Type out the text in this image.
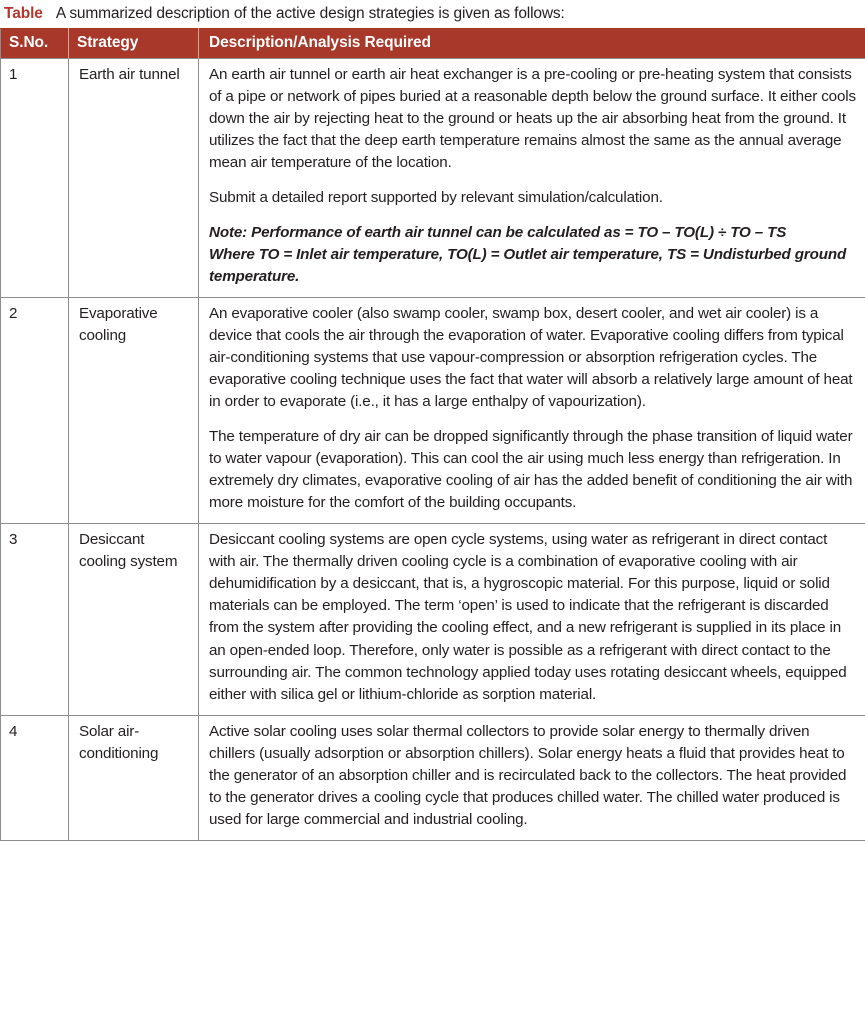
Table A summarized description of the active design strategies is given as follows:
S.No.	Strategy	Description/Analysis Required
1	Earth air tunnel	An earth air tunnel or earth air heat exchanger is a pre-cooling or pre-heating system that consists of a pipe or network of pipes buried at a reasonable depth below the ground surface. It either cools down the air by rejecting heat to the ground or heats up the air absorbing heat from the ground. It utilizes the fact that the deep earth temperature remains almost the same as the annual average mean air temperature of the location.

Submit a detailed report supported by relevant simulation/calculation.

Note: Performance of earth air tunnel can be calculated as = TO – TO(L) ÷ TO – TS

Where TO = Inlet air temperature, TO(L) = Outlet air temperature, TS = Undisturbed ground temperature.

2	Evaporative cooling	An evaporative cooler (also swamp cooler, swamp box, desert cooler, and wet air cooler) is a device that cools the air through the evaporation of water. Evaporative cooling differs from typical air-conditioning systems that use vapour-compression or absorption refrigeration cycles. The evaporative cooling technique uses the fact that water will absorb a relatively large amount of heat in order to evaporate (i.e., it has a large enthalpy of vapourization).

The temperature of dry air can be dropped significantly through the phase transition of liquid water to water vapour (evaporation). This can cool the air using much less energy than refrigeration. In extremely dry climates, evaporative cooling of air has the added benefit of conditioning the air with more moisture for the comfort of the building occupants.

3	Desiccant cooling system	Desiccant cooling systems are open cycle systems, using water as refrigerant in direct contact with air. The thermally driven cooling cycle is a combination of evaporative cooling with air dehumidification by a desiccant, that is, a hygroscopic material. For this purpose, liquid or solid materials can be employed. The term ‘open’ is used to indicate that the refrigerant is discarded from the system after providing the cooling effect, and a new refrigerant is supplied in its place in an open-ended loop. Therefore, only water is possible as a refrigerant with direct contact to the surrounding air. The common technology applied today uses rotating desiccant wheels, equipped either with silica gel or lithium-chloride as sorption material.

4	Solar air-conditioning	Active solar cooling uses solar thermal collectors to provide solar energy to thermally driven chillers (usually adsorption or absorption chillers). Solar energy heats a fluid that provides heat to the generator of an absorption chiller and is recirculated back to the collectors. The heat provided to the generator drives a cooling cycle that produces chilled water. The chilled water produced is used for large commercial and industrial cooling.
